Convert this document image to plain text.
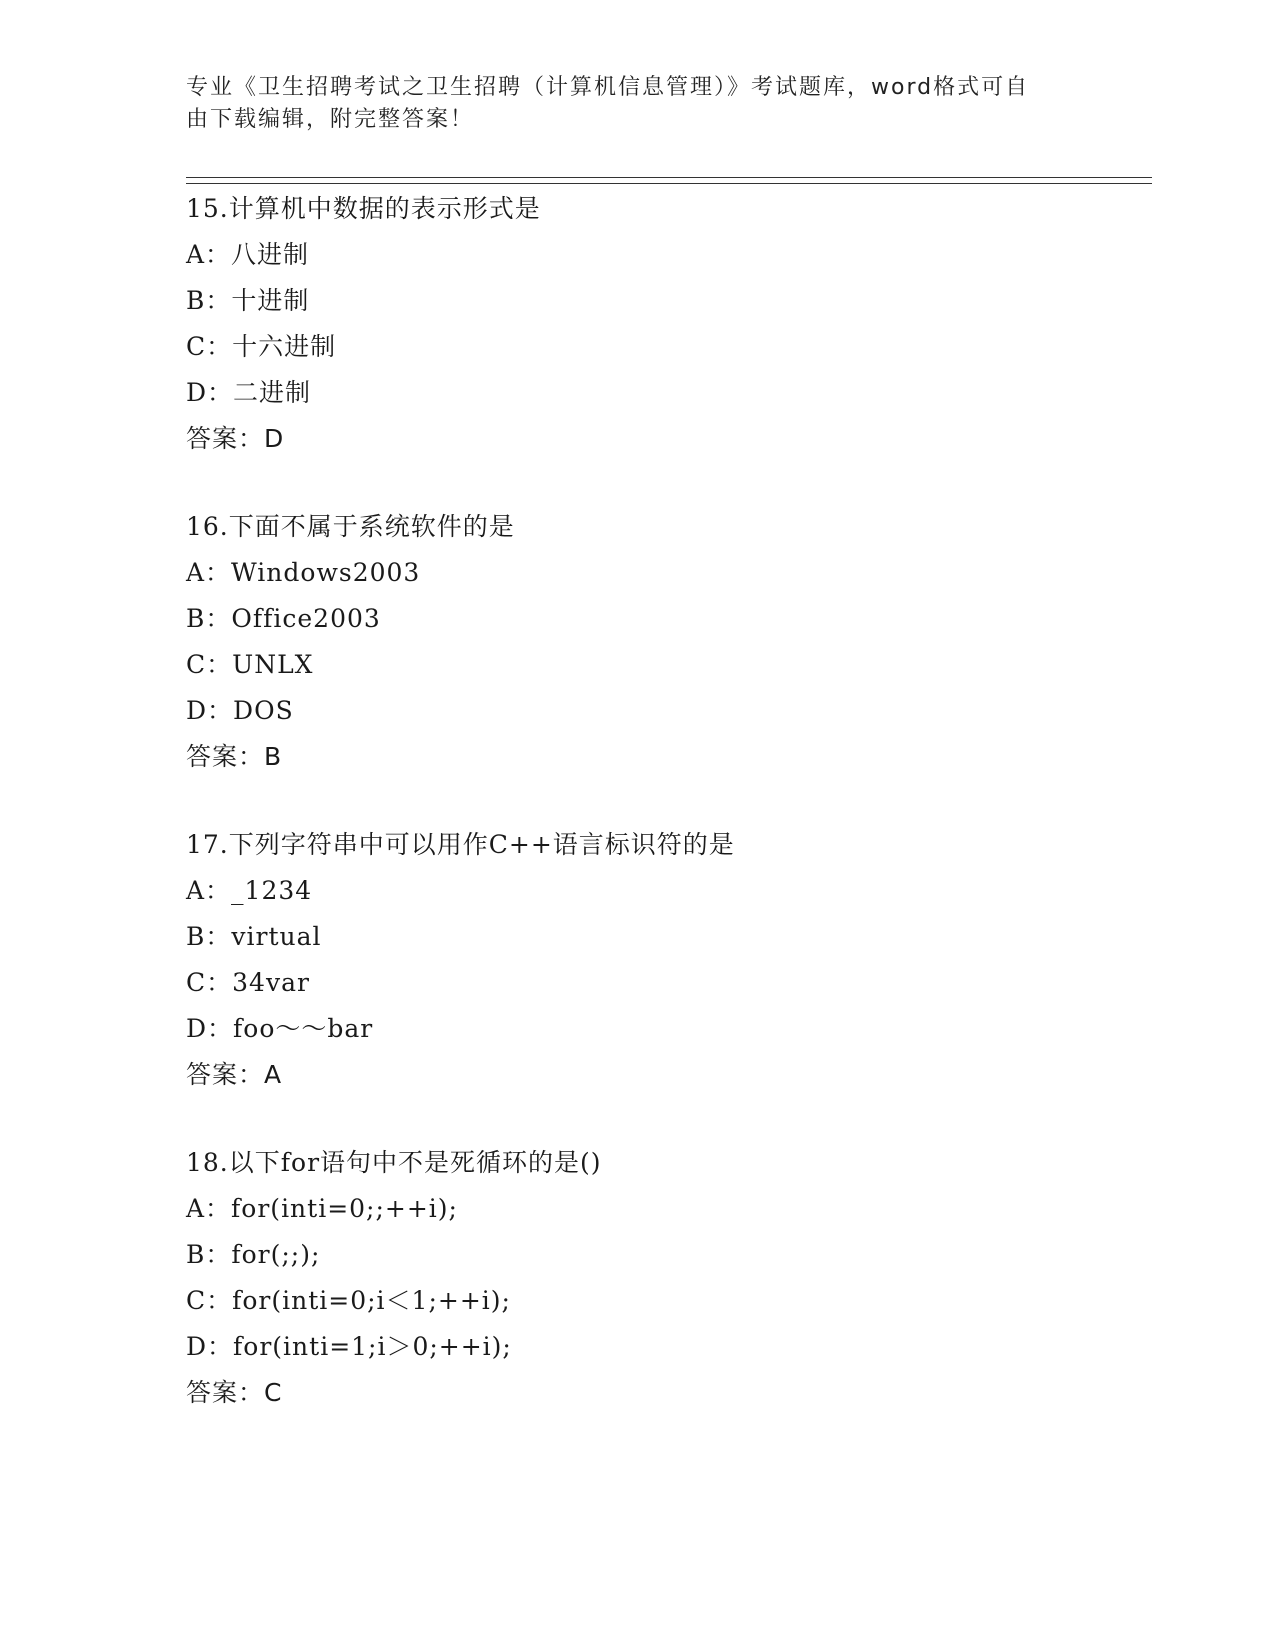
专业《卫生招聘考试之卫生招聘（计算机信息管理）》考试题库，word格式可自
由下载编辑，附完整答案！
15.计算机中数据的表示形式是
A：八进制
B：十进制
C：十六进制
D：二进制
答案：D
16.下面不属于系统软件的是
A：Windows2003
B：Office2003
C：UNLX
D：DOS
答案：B
17.下列字符串中可以用作C++语言标识符的是
A：_1234
B：virtual
C：34var
D：foo～～bar
答案：A
18.以下for语句中不是死循环的是()
A：for(inti=0;;++i);
B：for(;;);
C：for(inti=0;i＜1;++i);
D：for(inti=1;i＞0;++i);
答案：C
